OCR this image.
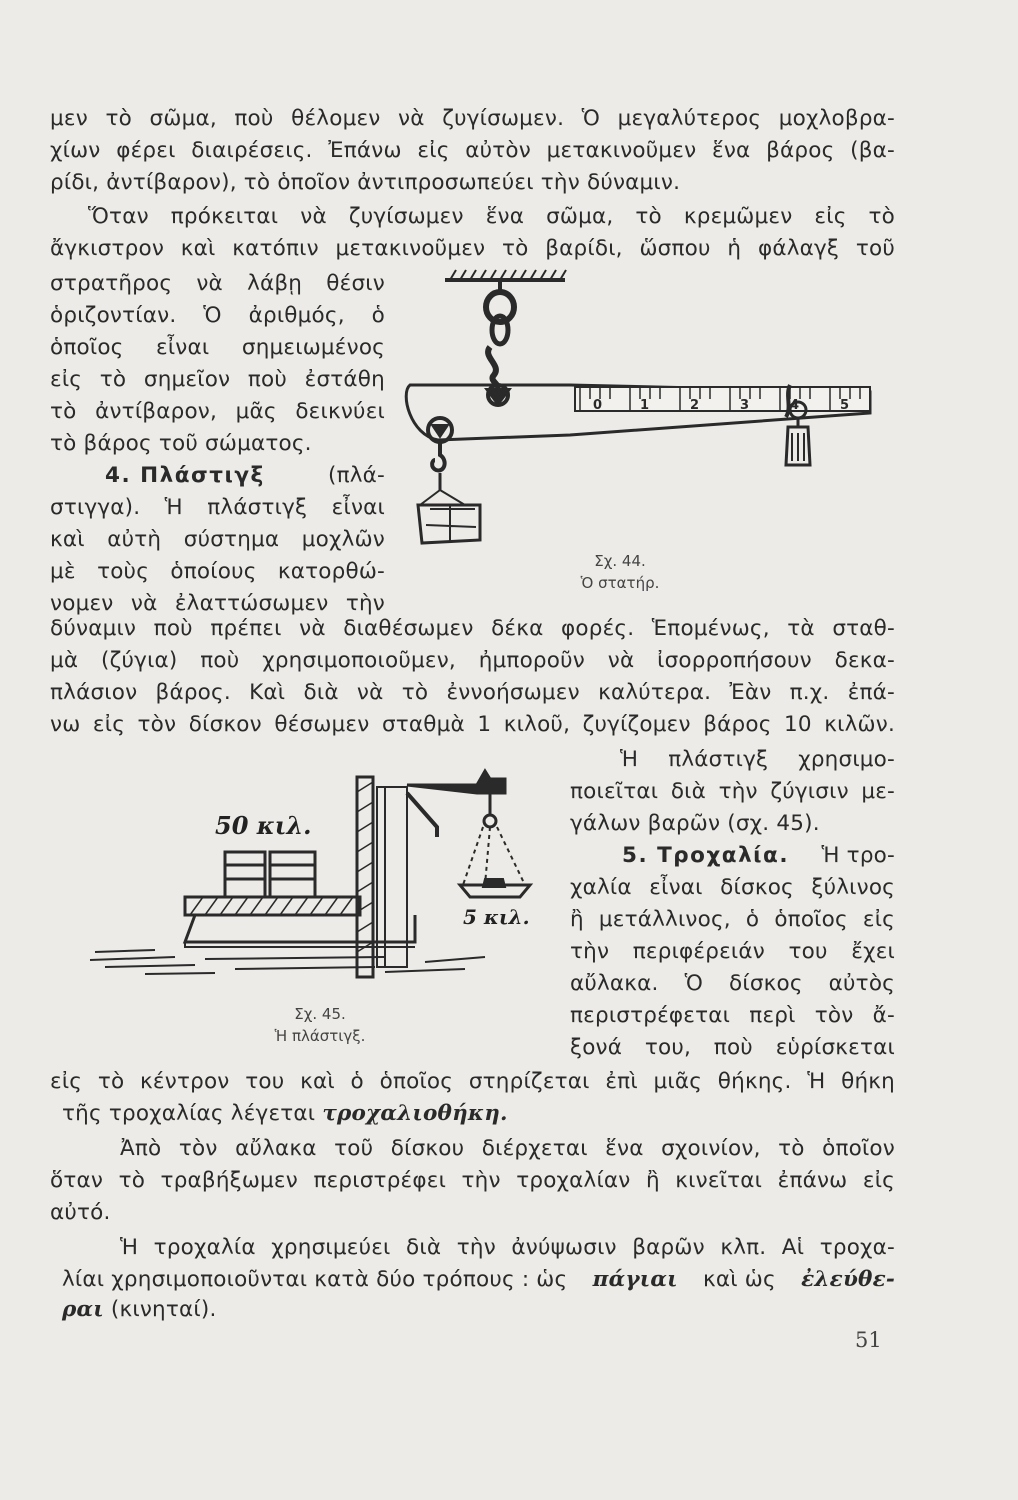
μεν τὸ σῶμα, ποὺ θέλομεν νὰ ζυγίσωμεν. Ὁ μεγαλύτερος μοχλοβρα-
χίων φέρει διαιρέσεις. Ἐπάνω εἰς αὐτὸν μετακινοῦμεν ἕνα βάρος (βα-
ρίδι, ἀντίβαρον), τὸ ὁποῖον ἀντιπροσωπεύει τὴν δύναμιν.
Ὅταν πρόκειται νὰ ζυγίσωμεν ἕνα σῶμα, τὸ κρεμῶμεν εἰς τὸ
ἄγκιστρον καὶ κατόπιν μετακινοῦμεν τὸ βαρίδι, ὥσπου ἡ φάλαγξ τοῦ
στρατῆρος νὰ λάβῃ θέσιν
ὁριζοντίαν. Ὁ ἀριθμός, ὁ
ὁποῖος εἶναι σημειωμένος
εἰς τὸ σημεῖον ποὺ ἐστάθη
τὸ ἀντίβαρον, μᾶς δεικνύει
τὸ βάρος τοῦ σώματος.
4. Πλάστιγξ	(πλά-
στιγγα). Ἡ πλάστιγξ εἶναι
καὶ αὐτὴ σύστημα μοχλῶν
μὲ τοὺς ὁποίους κατορθώ-
νομεν νὰ ἐλαττώσωμεν τὴν
δύναμιν ποὺ πρέπει νὰ διαθέσωμεν δέκα φορές. Ἑπομένως, τὰ σταθ-
μὰ (ζύγια) ποὺ χρησιμοποιοῦμεν, ἠμποροῦν νὰ ἰσορροπήσουν δεκα-
πλάσιον βάρος. Καὶ διὰ νὰ τὸ ἐννοήσωμεν καλύτερα. Ἐὰν π.χ. ἐπά-
νω εἰς τὸν δίσκον θέσωμεν σταθμὰ 1 κιλοῦ, ζυγίζομεν βάρος 10 κιλῶν.
Ἡ πλάστιγξ χρησιμο-
ποιεῖται διὰ τὴν ζύγισιν με-
γάλων βαρῶν (σχ. 45).
5. Τροχαλία. Ἡ τρο-
χαλία εἶναι δίσκος ξύλινος
ἢ μετάλλινος, ὁ ὁποῖος εἰς
τὴν περιφέρειάν του ἔχει
αὔλακα. Ὁ δίσκος αὐτὸς
περιστρέφεται περὶ τὸν ἄ-
ξονά του, ποὺ εὑρίσκεται
εἰς τὸ κέντρον του καὶ ὁ ὁποῖος στηρίζεται ἐπὶ μιᾶς θήκης. Ἡ θήκη
τῆς τροχαλίας λέγεται τροχαλιοθήκη.
Ἀπὸ τὸν αὔλακα τοῦ δίσκου διέρχεται ἕνα σχοινίον, τὸ ὁποῖον
ὅταν τὸ τραβήξωμεν περιστρέφει τὴν τροχαλίαν ἢ κινεῖται ἐπάνω εἰς
αὐτό.
Ἡ τροχαλία χρησιμεύει διὰ τὴν ἀνύψωσιν βαρῶν κλπ. Αἱ τροχα-
λίαι χρησιμοποιοῦνται κατὰ δύο τρόπους : ὡς πάγιαι καὶ ὡς ἐλεύθε-
ραι (κινηταί).
0	1	2	3	4	5
Σχ. 44.
Ὁ στατήρ.
50 κιλ.
5 κιλ.
Σχ. 45.
Ἡ πλάστιγξ.
51
